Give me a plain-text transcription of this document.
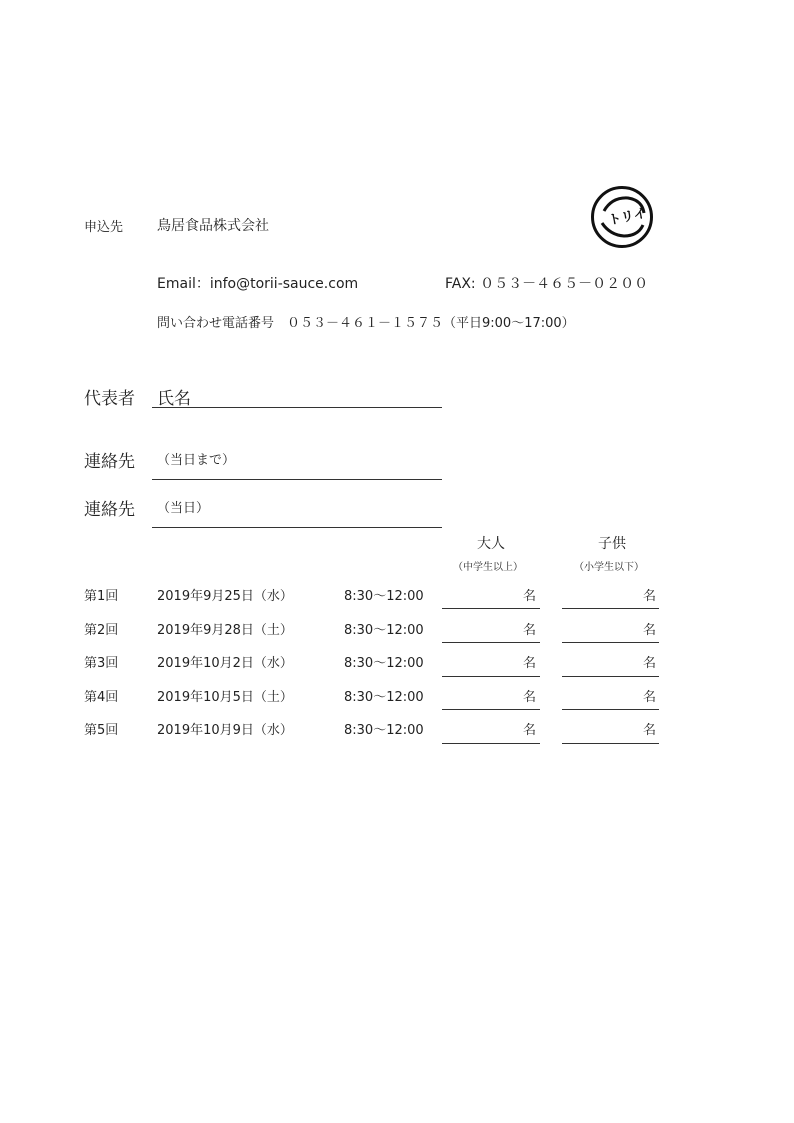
申込先 鳥居食品株式会社	トリイ
Email：info@torii-sauce.com	FAX: ０５３－４６５－０２００
問い合わせ電話番号　０５３－４６１－１５７５（平日9:00～17:00）
代表者 氏名
連絡先 （当日まで）
連絡先 （当日）
大人
（中学生以上）
子供
（小学生以下）
第1回	2019年9月25日（水）	8:30～12:00	名	名
第2回	2019年9月28日（土）	8:30～12:00	名	名
第3回	2019年10月2日（水）	8:30～12:00	名	名
第4回	2019年10月5日（土）	8:30～12:00	名	名
第5回	2019年10月9日（水）	8:30～12:00	名	名
